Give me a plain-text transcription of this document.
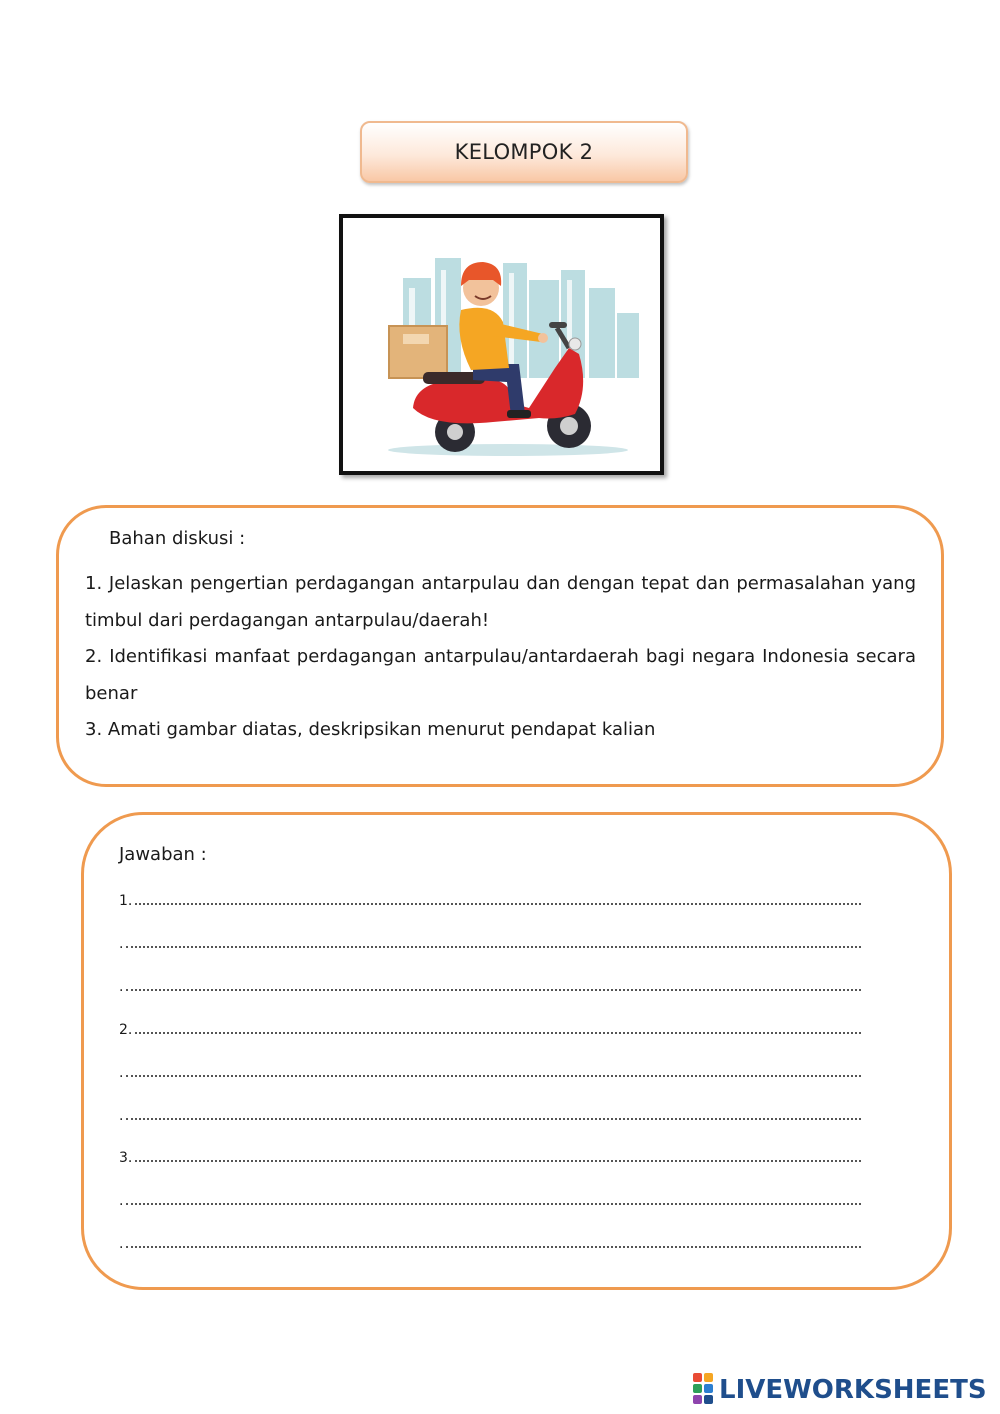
KELOMPOK 2
Bahan diskusi :

1. Jelaskan pengertian perdagangan antarpulau dan dengan tepat dan permasalahan yang timbul dari perdagangan antarpulau/daerah!

2. Identifikasi manfaat perdagangan antarpulau/antardaerah bagi negara Indonesia secara benar

3. Amati gambar diatas, deskripsikan menurut pendapat kalian

Jawaban :
1.
.
.
2.
.
.
3.
.
.
LIVEWORKSHEETS
